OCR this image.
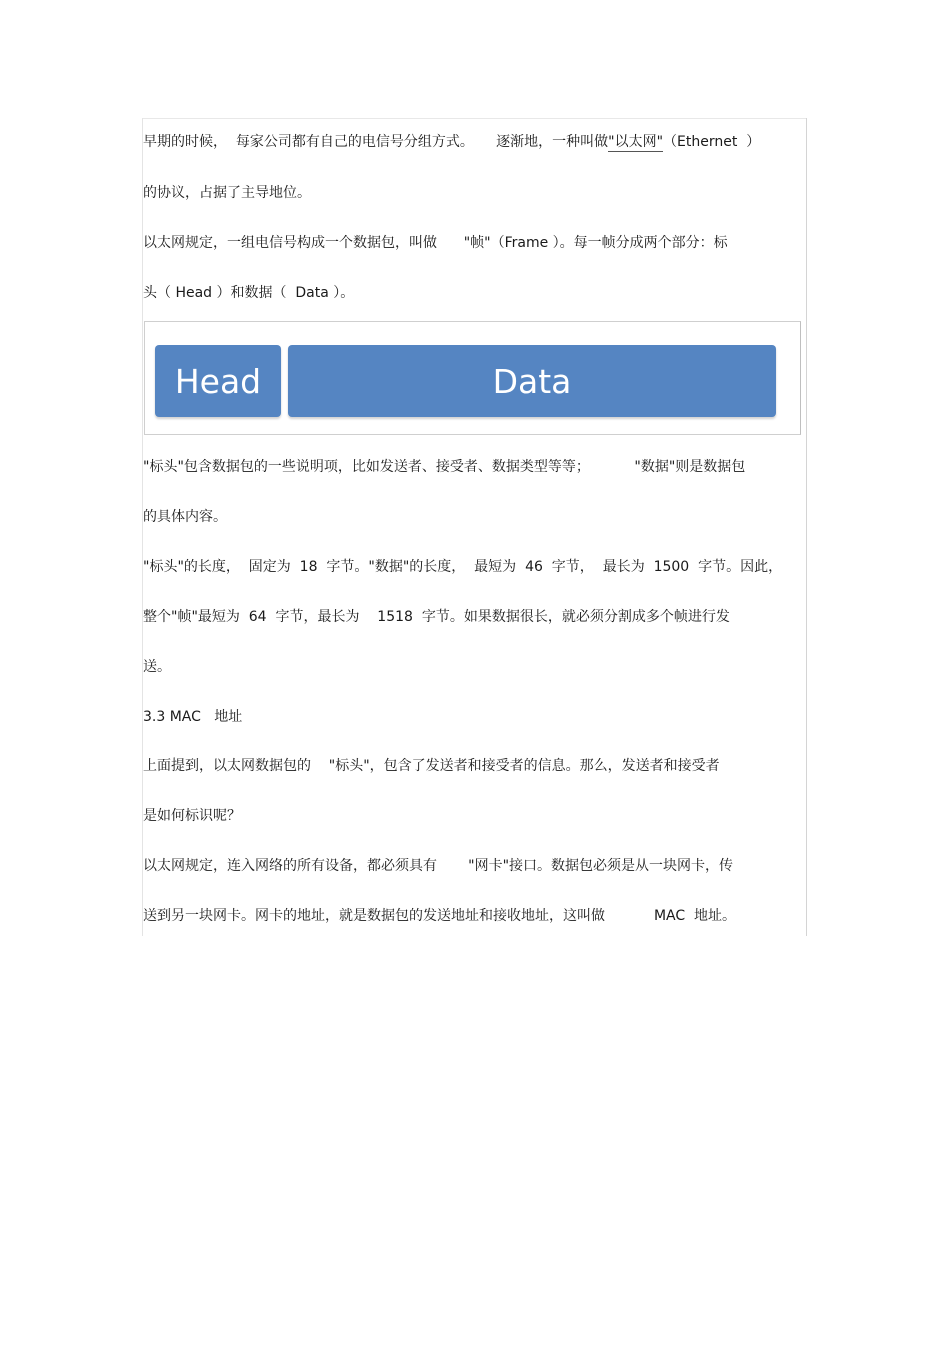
早期的时候，  每家公司都有自己的电信号分组方式。     逐渐地，一种叫做"以太网"（Ethernet  ）
的协议，占据了主导地位。
以太网规定，一组电信号构成一个数据包，叫做      "帧"（Frame ）。每一帧分成两个部分：标
头（ Head ）和数据（  Data ）。
Head	Data
"标头"包含数据包的一些说明项，比如发送者、接受者、数据类型等等；          "数据"则是数据包
的具体内容。
"标头"的长度，  固定为  18  字节。"数据"的长度，  最短为  46  字节，  最长为  1500  字节。因此，
整个"帧"最短为  64  字节，最长为    1518  字节。如果数据很长，就必须分割成多个帧进行发
送。
3.3 MAC   地址
上面提到，以太网数据包的    "标头"，包含了发送者和接受者的信息。那么，发送者和接受者
是如何标识呢？
以太网规定，连入网络的所有设备，都必须具有       "网卡"接口。数据包必须是从一块网卡，传
送到另一块网卡。网卡的地址，就是数据包的发送地址和接收地址，这叫做           MAC  地址。
